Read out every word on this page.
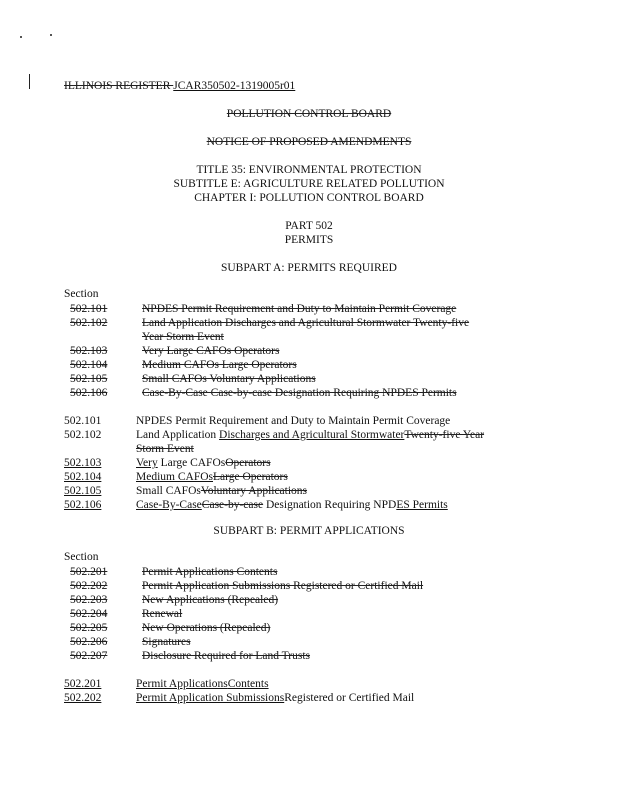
ILLINOIS REGISTER JCAR350502-1319005r01
POLLUTION CONTROL BOARD
NOTICE OF PROPOSED AMENDMENTS
TITLE 35: ENVIRONMENTAL PROTECTION
SUBTITLE E: AGRICULTURE RELATED POLLUTION
CHAPTER I: POLLUTION CONTROL BOARD
PART 502
PERMITS
SUBPART A: PERMITS REQUIRED
Section
502.101	NPDES Permit Requirement and Duty to Maintain Permit Coverage
502.102	Land Application Discharges and Agricultural Stormwater Twenty-five
Year Storm Event
502.103	Very Large CAFOs Operators
502.104	Medium CAFOs Large Operators
502.105	Small CAFOs Voluntary Applications
502.106	Case-By-Case Case-by-case Designation Requiring NPDES Permits
502.101	NPDES Permit Requirement and Duty to Maintain Permit Coverage
502.102	Land Application Discharges and Agricultural StormwaterTwenty-five Year
Storm Event
502.103	Very Large CAFOsOperators
502.104	Medium CAFOsLarge Operators
502.105	Small CAFOsVoluntary Applications
502.106	Case-By-CaseCase-by-case Designation Requiring NPDES Permits
SUBPART B: PERMIT APPLICATIONS
Section
502.201	Permit Applications Contents
502.202	Permit Application Submissions Registered or Certified Mail
502.203	New Applications (Repealed)
502.204	Renewal
502.205	New Operations (Repealed)
502.206	Signatures
502.207	Disclosure Required for Land Trusts
502.201	Permit ApplicationsContents
502.202	Permit Application SubmissionsRegistered or Certified Mail
